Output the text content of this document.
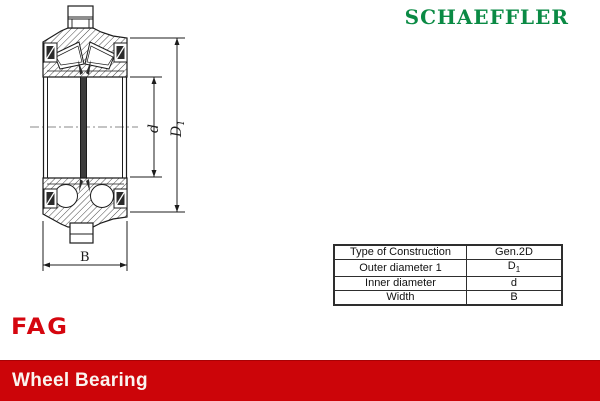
SCHAEFFLER
d $D_1$
B	Type of Construction	Gen.2D
Outer diameter 1	$D_1$
Inner diameter	d
Width	B
FAG
Wheel Bearing
